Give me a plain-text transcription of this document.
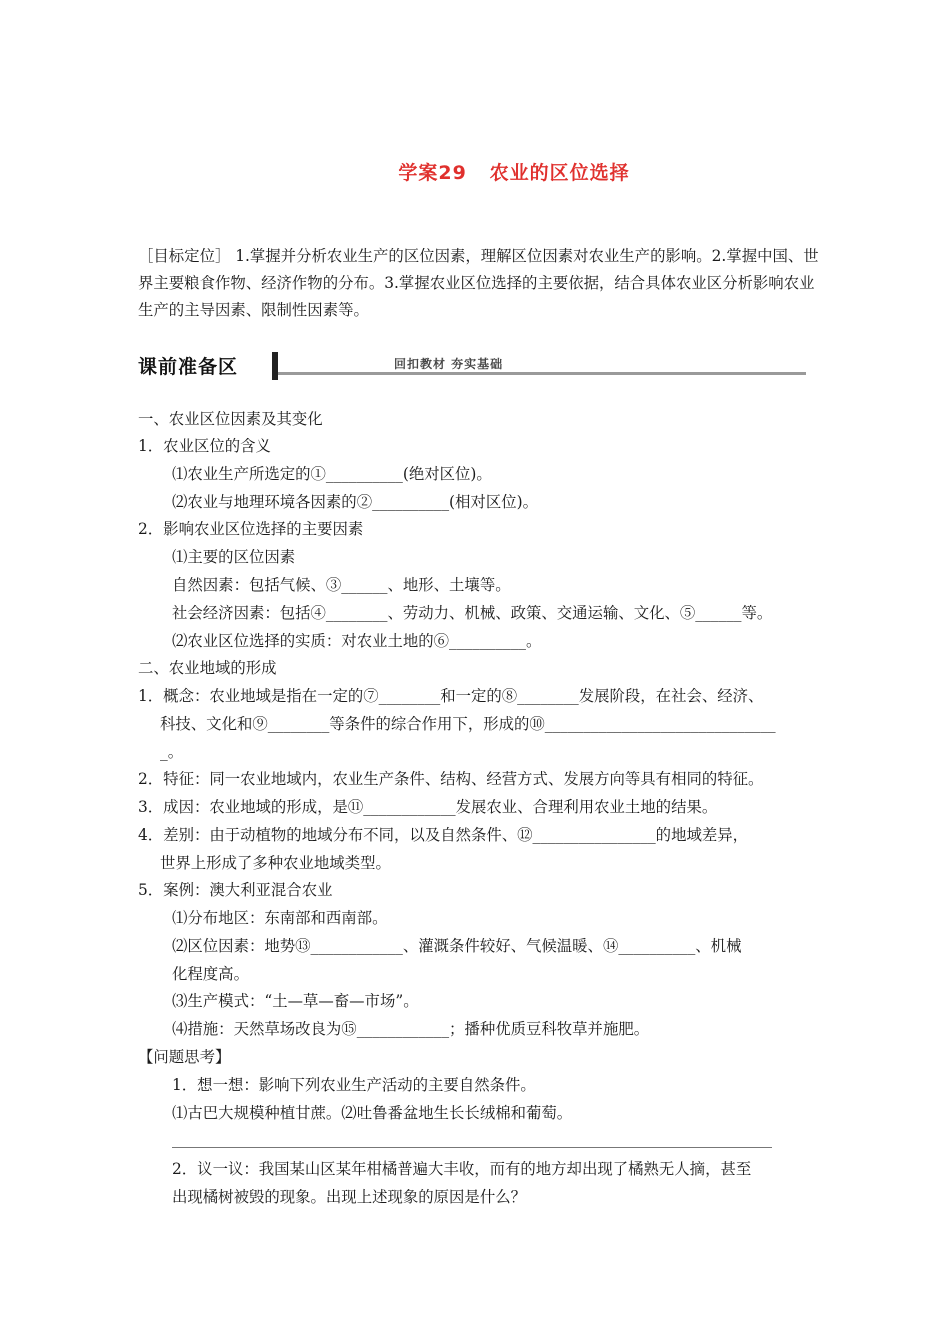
学案29   农业的区位选择
［目标定位］ 1.掌握并分析农业生产的区位因素，理解区位因素对农业生产的影响。2.掌握中国、世界主要粮食作物、经济作物的分布。3.掌握农业区位选择的主要依据，结合具体农业区分析影响农业生产的主导因素、限制性因素等。
课前准备区	回扣教材 夯实基础
一、农业区位因素及其变化
1．农业区位的含义
⑴农业生产所选定的①__________(绝对区位)。
⑵农业与地理环境各因素的②__________(相对区位)。
2．影响农业区位选择的主要因素
⑴主要的区位因素
自然因素：包括气候、③______、地形、土壤等。
社会经济因素：包括④________、劳动力、机械、政策、交通运输、文化、⑤______等。
⑵农业区位选择的实质：对农业土地的⑥__________。
二、农业地域的形成
1．概念：农业地域是指在一定的⑦________和一定的⑧________发展阶段，在社会、经济、
科技、文化和⑨________等条件的综合作用下，形成的⑩______________________________
_。
2．特征：同一农业地域内，农业生产条件、结构、经营方式、发展方向等具有相同的特征。
3．成因：农业地域的形成，是⑪____________发展农业、合理利用农业土地的结果。
4．差别：由于动植物的地域分布不同，以及自然条件、⑫________________的地域差异，
世界上形成了多种农业地域类型。
5．案例：澳大利亚混合农业
⑴分布地区：东南部和西南部。
⑵区位因素：地势⑬____________、灌溉条件较好、气候温暖、⑭__________、机械
化程度高。
⑶生产模式：“土—草—畜—市场”。
⑷措施：天然草场改良为⑮____________；播种优质豆科牧草并施肥。
【问题思考】
1．想一想：影响下列农业生产活动的主要自然条件。
⑴古巴大规模种植甘蔗。⑵吐鲁番盆地生长长绒棉和葡萄。
2．议一议：我国某山区某年柑橘普遍大丰收，而有的地方却出现了橘熟无人摘，甚至
出现橘树被毁的现象。出现上述现象的原因是什么？
